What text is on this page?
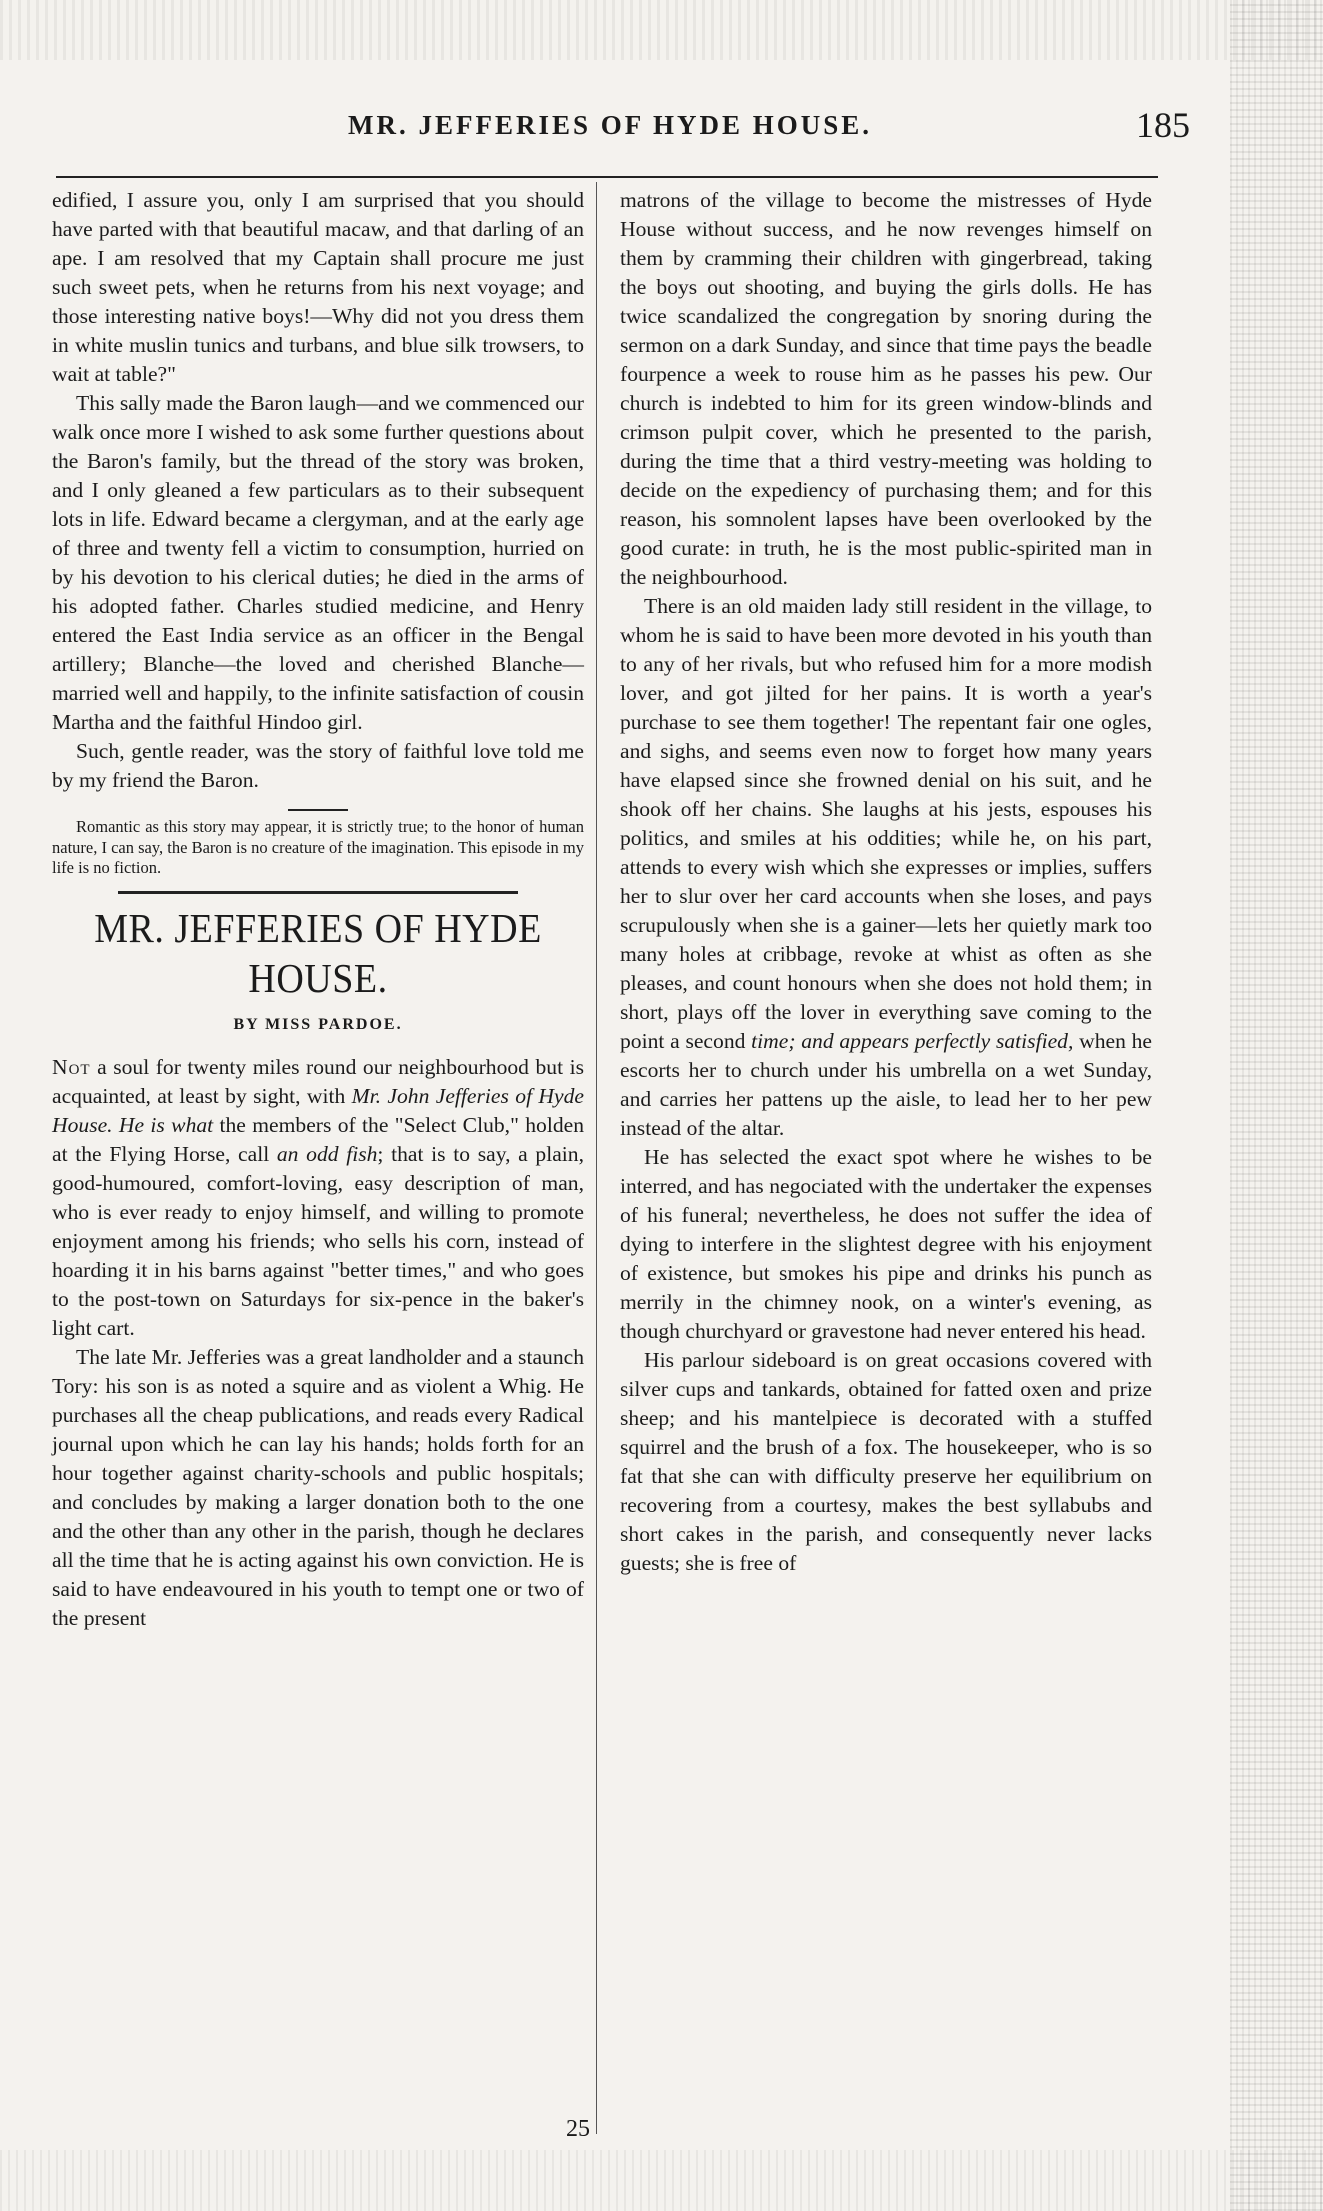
MR. JEFFERIES OF HYDE HOUSE.	185

edified, I assure you, only I am surprised that you should have parted with that beautiful macaw, and that darling of an ape. I am resolved that my Captain shall procure me just such sweet pets, when he returns from his next voyage; and those interesting native boys!—Why did not you dress them in white muslin tunics and turbans, and blue silk trowsers, to wait at table?"

This sally made the Baron laugh—and we commenced our walk once more I wished to ask some further questions about the Baron's family, but the thread of the story was broken, and I only gleaned a few particulars as to their subsequent lots in life. Edward became a clergyman, and at the early age of three and twenty fell a victim to consumption, hurried on by his devotion to his clerical duties; he died in the arms of his adopted father. Charles studied medicine, and Henry entered the East India service as an officer in the Bengal artillery; Blanche—the loved and cherished Blanche—married well and happily, to the infinite satisfaction of cousin Martha and the faithful Hindoo girl.

Such, gentle reader, was the story of faithful love told me by my friend the Baron.

Romantic as this story may appear, it is strictly true; to the honor of human nature, I can say, the Baron is no creature of the imagination. This episode in my life is no fiction.

MR. JEFFERIES OF HYDE HOUSE.
BY MISS PARDOE.

Not a soul for twenty miles round our neighbourhood but is acquainted, at least by sight, with Mr. John Jefferies of Hyde House. He is what the members of the "Select Club," holden at the Flying Horse, call an odd fish; that is to say, a plain, good-humoured, comfort-loving, easy description of man, who is ever ready to enjoy himself, and willing to promote enjoyment among his friends; who sells his corn, instead of hoarding it in his barns against "better times," and who goes to the post-town on Saturdays for six-pence in the baker's light cart.

The late Mr. Jefferies was a great landholder and a staunch Tory: his son is as noted a squire and as violent a Whig. He purchases all the cheap publications, and reads every Radical journal upon which he can lay his hands; holds forth for an hour together against charity-schools and public hospitals; and concludes by making a larger donation both to the one and the other than any other in the parish, though he declares all the time that he is acting against his own conviction. He is said to have endeavoured in his youth to tempt one or two of the present

matrons of the village to become the mistresses of Hyde House without success, and he now revenges himself on them by cramming their children with gingerbread, taking the boys out shooting, and buying the girls dolls. He has twice scandalized the congregation by snoring during the sermon on a dark Sunday, and since that time pays the beadle fourpence a week to rouse him as he passes his pew. Our church is indebted to him for its green window-blinds and crimson pulpit cover, which he presented to the parish, during the time that a third vestry-meeting was holding to decide on the expediency of purchasing them; and for this reason, his somnolent lapses have been overlooked by the good curate: in truth, he is the most public-spirited man in the neighbourhood.

There is an old maiden lady still resident in the village, to whom he is said to have been more devoted in his youth than to any of her rivals, but who refused him for a more modish lover, and got jilted for her pains. It is worth a year's purchase to see them together! The repentant fair one ogles, and sighs, and seems even now to forget how many years have elapsed since she frowned denial on his suit, and he shook off her chains. She laughs at his jests, espouses his politics, and smiles at his oddities; while he, on his part, attends to every wish which she expresses or implies, suffers her to slur over her card accounts when she loses, and pays scrupulously when she is a gainer—lets her quietly mark too many holes at cribbage, revoke at whist as often as she pleases, and count honours when she does not hold them; in short, plays off the lover in everything save coming to the point a second time; and appears perfectly satisfied, when he escorts her to church under his umbrella on a wet Sunday, and carries her pattens up the aisle, to lead her to her pew instead of the altar.

He has selected the exact spot where he wishes to be interred, and has negociated with the undertaker the expenses of his funeral; nevertheless, he does not suffer the idea of dying to interfere in the slightest degree with his enjoyment of existence, but smokes his pipe and drinks his punch as merrily in the chimney nook, on a winter's evening, as though churchyard or gravestone had never entered his head.

His parlour sideboard is on great occasions covered with silver cups and tankards, obtained for fatted oxen and prize sheep; and his mantelpiece is decorated with a stuffed squirrel and the brush of a fox. The housekeeper, who is so fat that she can with difficulty preserve her equilibrium on recovering from a courtesy, makes the best syllabubs and short cakes in the parish, and consequently never lacks guests; she is free of

25
